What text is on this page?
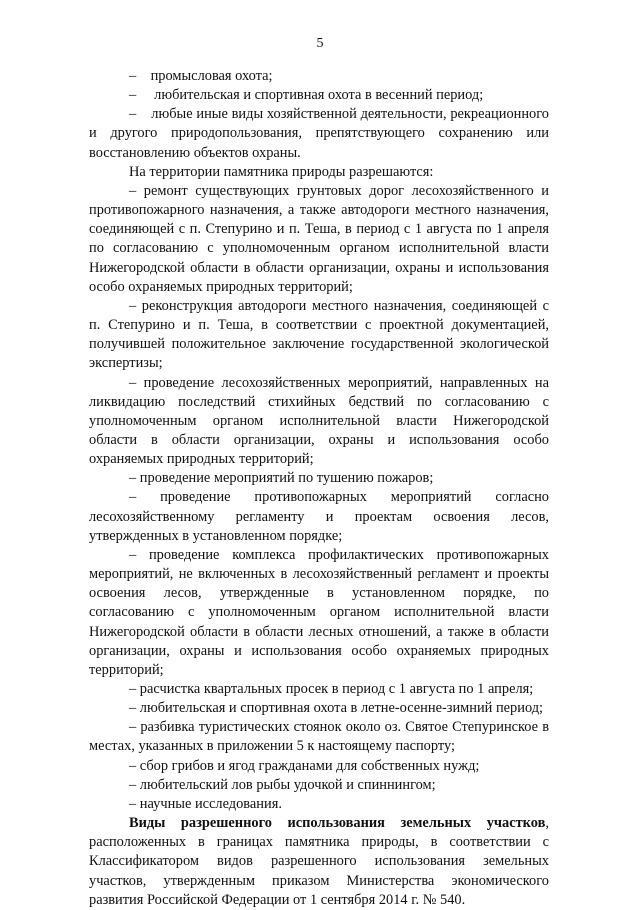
5

–    промысловая охота;

–     любительская и спортивная охота в весенний период;

–    любые иные виды хозяйственной деятельности, рекреационного и другого природопользования, препятствующего сохранению или восстановлению объектов охраны.

На территории памятника природы разрешаются:

– ремонт существующих грунтовых дорог лесохозяйственного и противопожарного назначения, а также автодороги местного назначения, соединяющей с п. Степурино и п. Теша, в период с 1 августа по 1 апреля по согласованию с уполномоченным органом исполнительной власти Нижегородской области в области организации, охраны и использования особо охраняемых природных территорий;

– реконструкция автодороги местного назначения, соединяющей с п. Степурино и п. Теша, в соответствии с проектной документацией, получившей положительное заключение государственной экологической экспертизы;

– проведение лесохозяйственных мероприятий, направленных на ликвидацию последствий стихийных бедствий по согласованию с уполномоченным органом исполнительной власти Нижегородской области в области организации, охраны и использования особо охраняемых природных территорий;

– проведение мероприятий по тушению пожаров;

– проведение противопожарных мероприятий согласно лесохозяйственному регламенту и проектам освоения лесов, утвержденных в установленном порядке;

– проведение комплекса профилактических противопожарных мероприятий, не включенных в лесохозяйственный регламент и проекты освоения лесов, утвержденные в установленном порядке, по согласованию с уполномоченным органом исполнительной власти Нижегородской области в области лесных отношений, а также в области организации, охраны и использования особо охраняемых природных территорий;

– расчистка квартальных просек в период с 1 августа по 1 апреля;

– любительская и спортивная охота в летне-осенне-зимний период;

– разбивка туристических стоянок около оз. Святое Степуринское в местах, указанных в приложении 5 к настоящему паспорту;

– сбор грибов и ягод гражданами для собственных нужд;

– любительский лов рыбы удочкой и спиннингом;

– научные исследования.

Виды разрешенного использования земельных участков, расположенных в границах памятника природы, в соответствии с Классификатором видов разрешенного использования земельных участков, утвержденным приказом Министерства экономического развития Российской Федерации от 1 сентября 2014 г. № 540.
